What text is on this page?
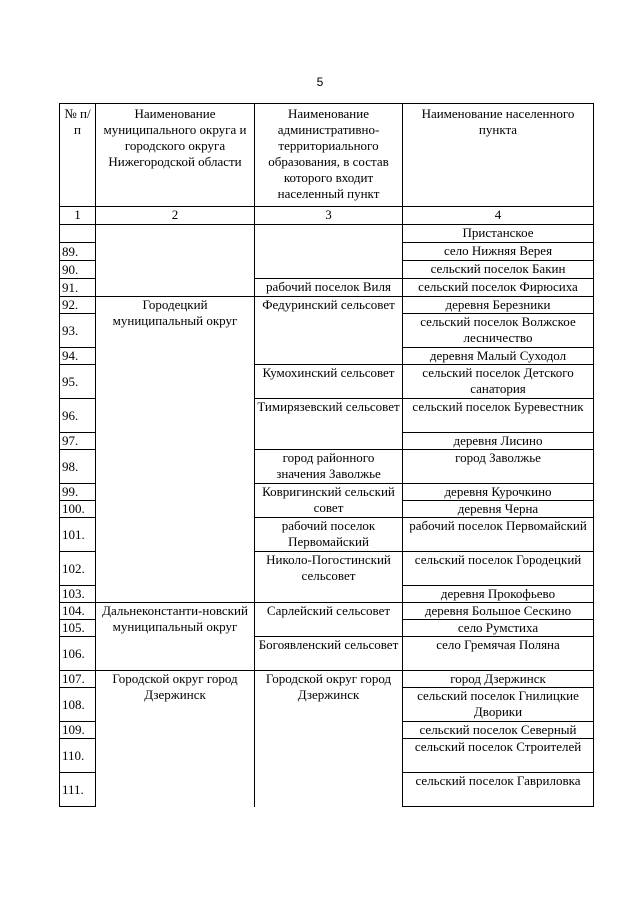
5
№ п/п	Наименование муниципального округа и городского округа Нижегородской области	Наименование административно-территориального образования, в состав которого входит населенный пункт	Наименование населенного пункта
1	2	3	4
			Пристанское
89.			село Нижняя Верея
90.			сельский поселок Бакин
91.		рабочий поселок Виля	сельский поселок Фирюсиха
92.	Городецкий муниципальный округ	Федуринский сельсовет	деревня Березники
93.			сельский поселок Волжское лесничество
94.			деревня Малый Суходол
95.		Кумохинский сельсовет	сельский поселок Детского санатория
96.		Тимирязевский сельсовет	сельский поселок Буревестник
97.			деревня Лисино
98.		город районного значения Заволжье	город Заволжье
99.		Ковригинский сельский совет	деревня Курочкино
100.			деревня Черна
101.		рабочий поселок Первомайский	рабочий поселок Первомайский
102.		Николо-Погостинский сельсовет	сельский поселок Городецкий
103.			деревня Прокофьево
104.	Дальнеконстанти-новский муниципальный округ	Сарлейский сельсовет	деревня Большое Сескино
105.			село Румстиха
106.		Богоявленский сельсовет	село Гремячая Поляна
107.	Городской округ город Дзержинск	Городской округ город Дзержинск	город Дзержинск
108.			сельский поселок Гнилицкие Дворики
109.			сельский поселок Северный
110.			сельский поселок Строителей
111.			сельский поселок Гавриловка
